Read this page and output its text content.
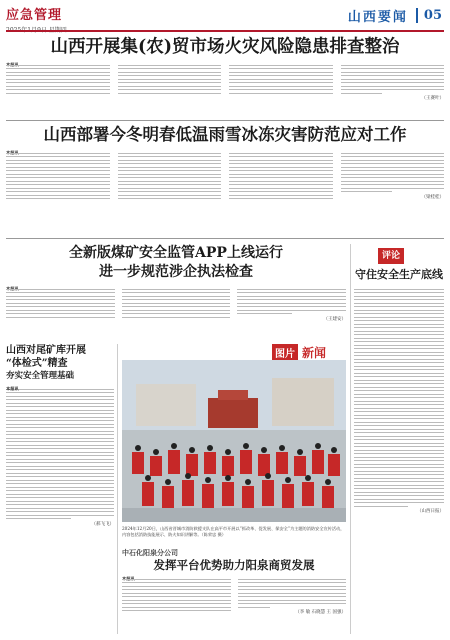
应急管理	山西要闻	05
山西开展集(农)贸市场火灾风险隐患排查整治
（王赛叶）
山西部署今冬明春低温雨雪冰冻灾害防范应对工作
（梁桂桂）
全新版煤矿安全监管APP上线运行
进一步规范涉企执法检查
（王建安）
山西对尾矿库开展
“体检式”精查
夯实安全管理基础
本报讯
（郝飞飞）
图片 新闻
2024年12月20日，山西省晋城市消防救援支队在高平市开展以“抓改革、促发展、保安全”为主题的消防安全宣传活动，内容包括消防技能展示、防火知识讲解等。（陈荣忠 摄）
中石化阳泉分公司
发挥平台优势助力阳泉商贸发展
（李 敏 石晓慧 王 国强）
评论
守住安全生产底线
（山西日报）
